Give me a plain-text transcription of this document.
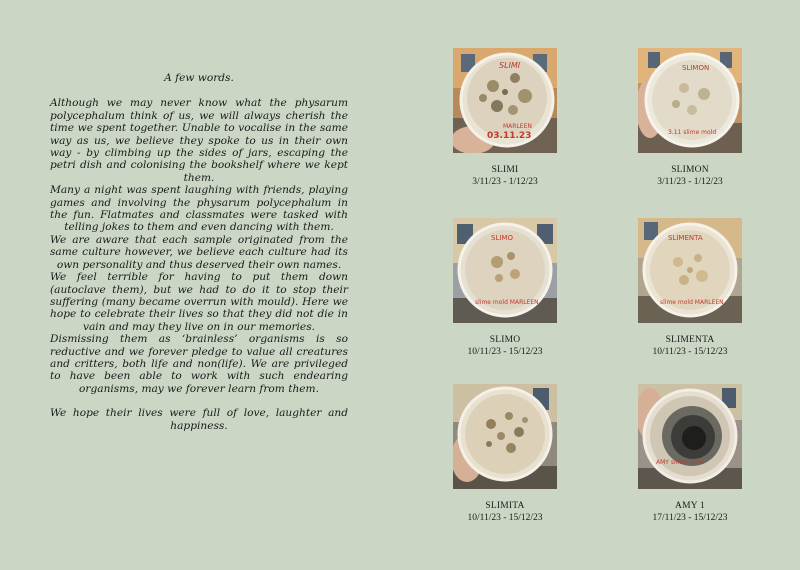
A few words.

Although we may never know what the physarum polycephalum think of us, we will always cherish the time we spent together. Unable to vocalise in the same way as us, we believe they spoke to us in their own way - by climbing up the sides of jars, escaping the petri dish and colonising the bookshelf where we kept them.

Many a night was spent laughing with friends, playing games and involving the physarum polycephalum in the fun. Flatmates and classmates were tasked with telling jokes to them and even dancing with them.

We are aware that each sample originated from the same culture however, we believe each culture had its own personality and thus deserved their own names.

We feel terrible for having to put them down (autoclave them), but we had to do it to stop their suffering (many became overrun with mould). Here we hope to celebrate their lives so that they did not die in vain and may they live on in our memories.

Dismissing them as ‘brainless’ organisms is so reductive and we forever pledge to value all creatures and critters, both life and non(life). We are privileged to have been able to work with such endearing organisms, may we forever learn from them.

We hope their lives were full of love, laughter and happiness.

SLIMI
MARLEEN
03.11.23
SLIMI
3/11/23 - 1/12/23
SLIMON
3.11 slime mold
SLIMON
3/11/23 - 1/12/23
SLIMO
slime mold MARLEEN
SLIMO
10/11/23 - 15/12/23
SLIMENTA
slime mold MARLEEN
SLIMENTA
10/11/23 - 15/12/23
SLIMITA
10/11/23 - 15/12/23
AMY slime mold
AMY 1
17/11/23 - 15/12/23
